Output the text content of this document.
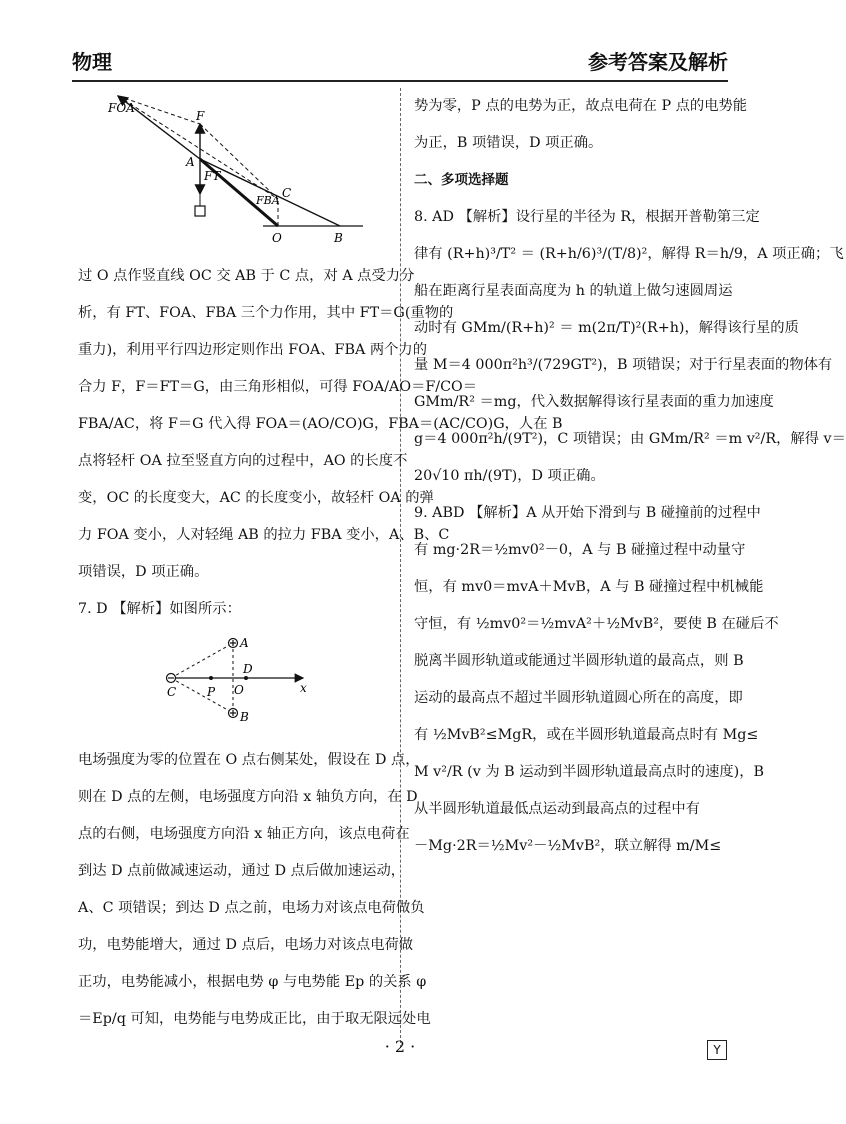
物理	参考答案及解析
FOA
F
A
FT
FBA
C
O	B
过 O 点作竖直线 OC 交 AB 于 C 点，对 A 点受力分
析，有 FT、FOA、FBA 三个力作用，其中 FT＝G(重物的
重力)，利用平行四边形定则作出 FOA、FBA 两个力的
合力 F，F＝FT＝G，由三角形相似，可得 FOA/AO＝F/CO＝
FBA/AC，将 F＝G 代入得 FOA＝(AO/CO)G，FBA＝(AC/CO)G，人在 B
点将轻杆 OA 拉至竖直方向的过程中，AO 的长度不
变，OC 的长度变大，AC 的长度变小，故轻杆 OA 的弹
力 FOA 变小，人对轻绳 AB 的拉力 FBA 变小，A、B、C
项错误，D 项正确。
7. D 【解析】如图所示：
C	P O
D
A
B
x
电场强度为零的位置在 O 点右侧某处，假设在 D 点，
则在 D 点的左侧，电场强度方向沿 x 轴负方向，在 D
点的右侧，电场强度方向沿 x 轴正方向，该点电荷在
到达 D 点前做减速运动，通过 D 点后做加速运动，
A、C 项错误；到达 D 点之前，电场力对该点电荷做负
功，电势能增大，通过 D 点后，电场力对该点电荷做
正功，电势能减小，根据电势 φ 与电势能 Ep 的关系 φ
＝Ep/q 可知，电势能与电势成正比，由于取无限远处电
势为零，P 点的电势为正，故点电荷在 P 点的电势能
为正，B 项错误，D 项正确。
二、多项选择题
8. AD 【解析】设行星的半径为 R，根据开普勒第三定
律有 (R+h)³/T² ＝ (R+h/6)³/(T/8)²，解得 R＝h/9，A 项正确；飞
船在距离行星表面高度为 h 的轨道上做匀速圆周运
动时有 GMm/(R+h)² ＝ m(2π/T)²(R+h)，解得该行星的质
量 M＝4 000π²h³/(729GT²)，B 项错误；对于行星表面的物体有
GMm/R² ＝mg，代入数据解得该行星表面的重力加速度
g＝4 000π²h/(9T²)，C 项错误；由 GMm/R² ＝m v²/R，解得 v＝
20√10 πh/(9T)，D 项正确。
9. ABD 【解析】A 从开始下滑到与 B 碰撞前的过程中
有 mg·2R＝½mv0²－0，A 与 B 碰撞过程中动量守
恒，有 mv0＝mvA＋MvB，A 与 B 碰撞过程中机械能
守恒，有 ½mv0²＝½mvA²＋½MvB²，要使 B 在碰后不
脱离半圆形轨道或能通过半圆形轨道的最高点，则 B
运动的最高点不超过半圆形轨道圆心所在的高度，即
有 ½MvB²≤MgR，或在半圆形轨道最高点时有 Mg≤
M v²/R (v 为 B 运动到半圆形轨道最高点时的速度)，B
从半圆形轨道最低点运动到最高点的过程中有
－Mg·2R＝½Mv²－½MvB²，联立解得 m/M≤
· 2 ·	Y
